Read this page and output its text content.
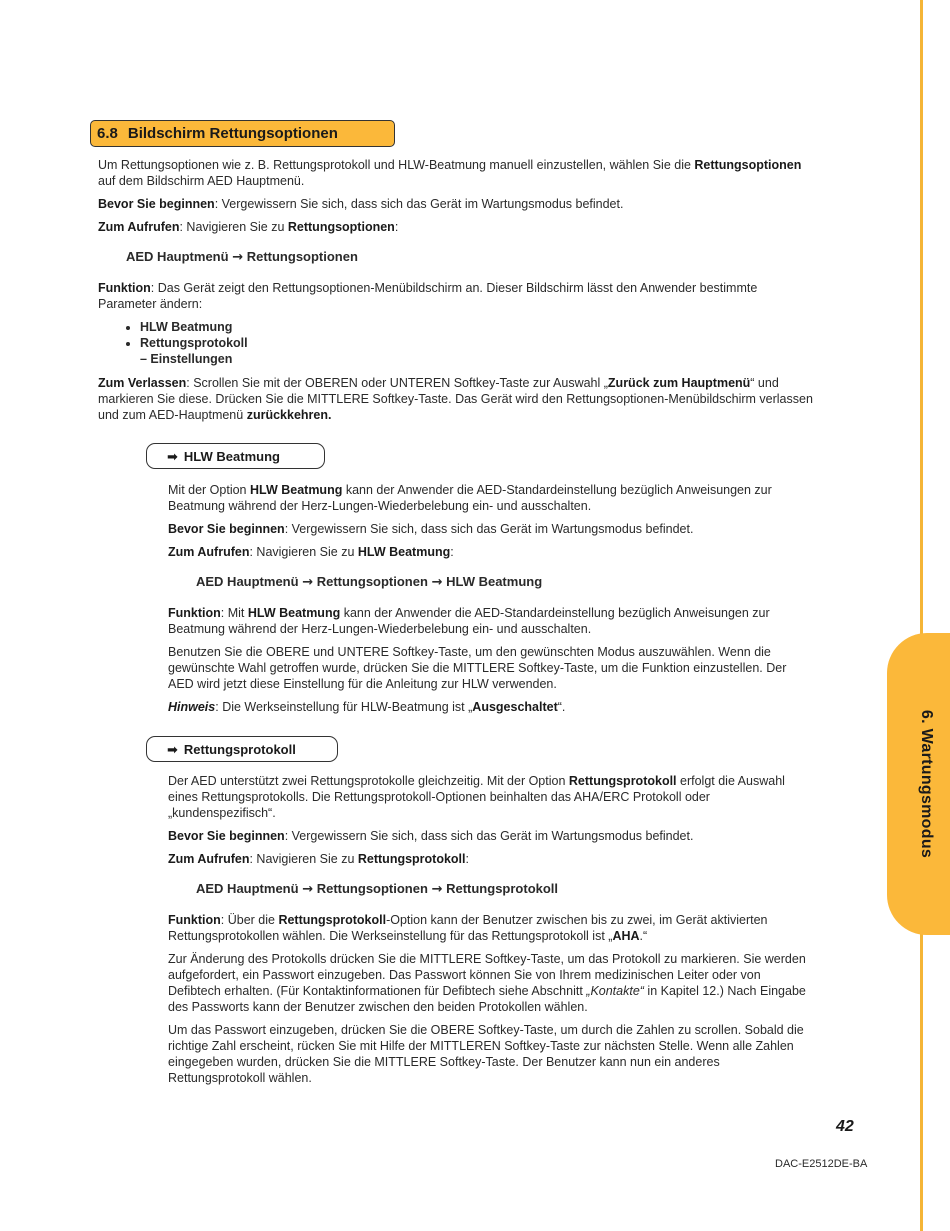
6. Wartungsmodus
6.8 Bildschirm Rettungsoptionen

Um Rettungsoptionen wie z. B. Rettungsprotokoll und HLW-Beatmung manuell einzustellen, wählen Sie die Rettungsoptionen auf dem Bildschirm AED Hauptmenü.

Bevor Sie beginnen: Vergewissern Sie sich, dass sich das Gerät im Wartungsmodus befindet.

Zum Aufrufen: Navigieren Sie zu Rettungsoptionen:

AED Hauptmenü → Rettungsoptionen

Funktion: Das Gerät zeigt den Rettungsoptionen-Menübildschirm an. Dieser Bildschirm lässt den Anwender bestimmte Parameter ändern:

• HLW Beatmung
• Rettungsprotokoll
– Einstellungen

Zum Verlassen: Scrollen Sie mit der OBEREN oder UNTEREN Softkey-Taste zur Auswahl „Zurück zum Hauptmenü“ und markieren Sie diese. Drücken Sie die MITTLERE Softkey-Taste. Das Gerät wird den Rettungsoptionen-Menübildschirm verlassen und zum AED-Hauptmenü zurückkehren.

➡ HLW Beatmung

Mit der Option HLW Beatmung kann der Anwender die AED-Standardeinstellung bezüglich Anweisungen zur Beatmung während der Herz-Lungen-Wiederbelebung ein- und ausschalten.

Bevor Sie beginnen: Vergewissern Sie sich, dass sich das Gerät im Wartungsmodus befindet.

Zum Aufrufen: Navigieren Sie zu HLW Beatmung:

AED Hauptmenü → Rettungsoptionen → HLW Beatmung

Funktion: Mit HLW Beatmung kann der Anwender die AED-Standardeinstellung bezüglich Anweisungen zur Beatmung während der Herz-Lungen-Wiederbelebung ein- und ausschalten.

Benutzen Sie die OBERE und UNTERE Softkey-Taste, um den gewünschten Modus auszuwählen. Wenn die gewünschte Wahl getroffen wurde, drücken Sie die MITTLERE Softkey-Taste, um die Funktion einzustellen. Der AED wird jetzt diese Einstellung für die Anleitung zur HLW verwenden.

Hinweis: Die Werkseinstellung für HLW-Beatmung ist „Ausgeschaltet“.

➡ Rettungsprotokoll

Der AED unterstützt zwei Rettungsprotokolle gleichzeitig. Mit der Option Rettungsprotokoll erfolgt die Auswahl eines Rettungsprotokolls. Die Rettungsprotokoll-Optionen beinhalten das AHA/ERC Protokoll oder „kundenspezifisch“.

Bevor Sie beginnen: Vergewissern Sie sich, dass sich das Gerät im Wartungsmodus befindet.

Zum Aufrufen: Navigieren Sie zu Rettungsprotokoll:

AED Hauptmenü → Rettungsoptionen → Rettungsprotokoll

Funktion: Über die Rettungsprotokoll-Option kann der Benutzer zwischen bis zu zwei, im Gerät aktivierten Rettungsprotokollen wählen. Die Werkseinstellung für das Rettungsprotokoll ist „AHA.“

Zur Änderung des Protokolls drücken Sie die MITTLERE Softkey-Taste, um das Protokoll zu markieren. Sie werden aufgefordert, ein Passwort einzugeben. Das Passwort können Sie von Ihrem medizinischen Leiter oder von Defibtech erhalten. (Für Kontaktinformationen für Defibtech siehe Abschnitt „Kontakte“ in Kapitel 12.) Nach Eingabe des Passworts kann der Benutzer zwischen den beiden Protokollen wählen.

Um das Passwort einzugeben, drücken Sie die OBERE Softkey-Taste, um durch die Zahlen zu scrollen. Sobald die richtige Zahl erscheint, rücken Sie mit Hilfe der MITTLEREN Softkey-Taste zur nächsten Stelle. Wenn alle Zahlen eingegeben wurden, drücken Sie die MITTLERE Softkey-Taste. Der Benutzer kann nun ein anderes Rettungsprotokoll wählen.

42
DAC-E2512DE-BA
